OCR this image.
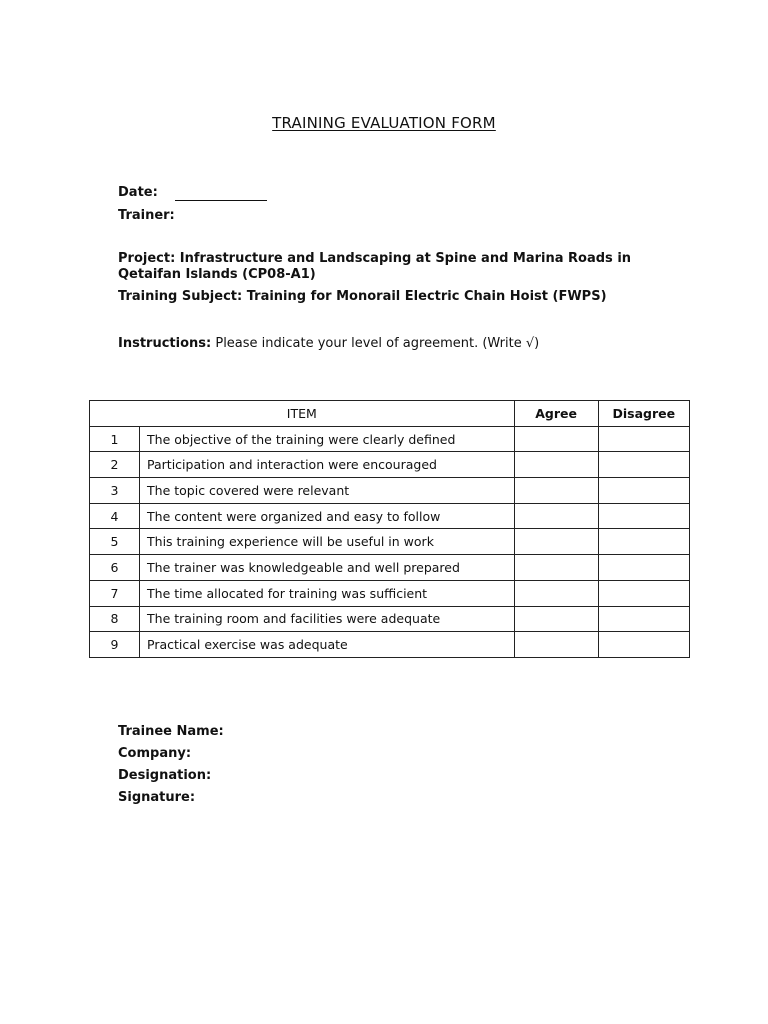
TRAINING EVALUATION FORM
Date:
Trainer:
Project: Infrastructure and Landscaping at Spine and Marina Roads in Qetaifan Islands (CP08-A1)
Training Subject: Training for Monorail Electric Chain Hoist (FWPS)
Instructions: Please indicate your level of agreement. (Write √)
ITEM		Agree	Disagree
1	The objective of the training were clearly defined		
2	Participation and interaction were encouraged		
3	The topic covered were relevant		
4	The content were organized and easy to follow		
5	This training experience will be useful in work		
6	The trainer was knowledgeable and well prepared		
7	The time allocated for training was sufficient		
8	The training room and facilities were adequate		
9	Practical exercise was adequate		
Trainee Name:
Company:
Designation:
Signature:
